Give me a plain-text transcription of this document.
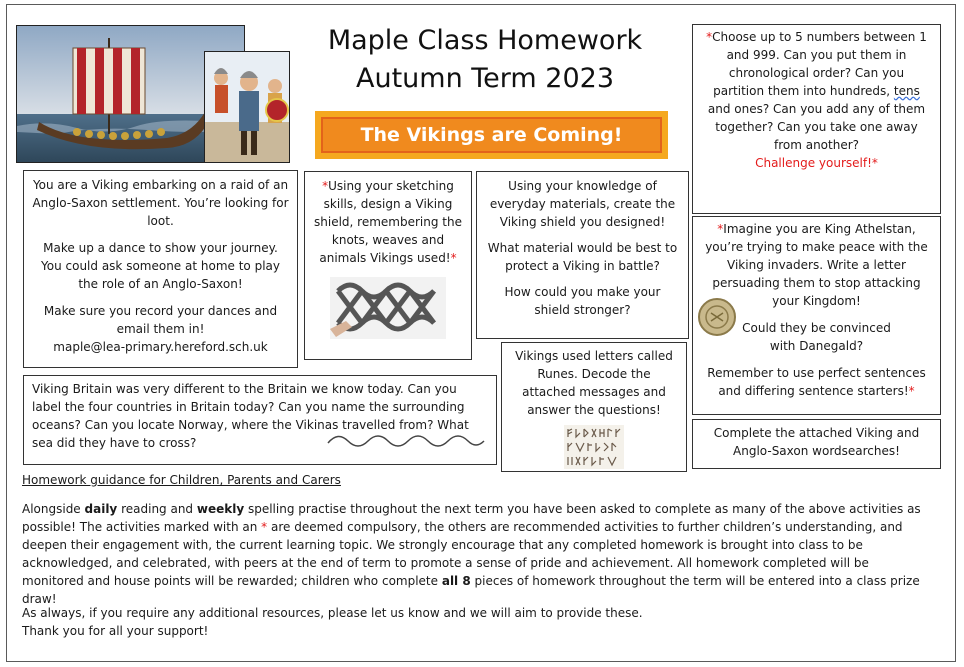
Maple Class Homework
Autumn Term 2023
The Vikings are Coming!

*Choose up to 5 numbers between 1 and 999. Can you put them in chronological order? Can you partition them into hundreds, tens and ones? Can you add any of them together? Can you take one away from another?

Challenge yourself!*

You are a Viking embarking on a raid of an Anglo-Saxon settlement. You’re looking for loot.

Make up a dance to show your journey. You could ask someone at home to play the role of an Anglo-Saxon!

Make sure you record your dances and email them in!

maple@lea-primary.hereford.sch.uk

*Using your sketching skills, design a Viking shield, remembering the knots, weaves and animals Vikings used!*

Using your knowledge of everyday materials, create the Viking shield you designed!

What material would be best to protect a Viking in battle?

How could you make your shield stronger?

*Imagine you are King Athelstan, you’re trying to make peace with the Viking invaders. Write a letter persuading them to stop attacking your Kingdom!

Could they be convinced

with Danegald?

Remember to use perfect sentences and differing sentence starters!*

Vikings used letters called Runes. Decode the attached messages and answer the questions!

Viking Britain was very different to the Britain we know today. Can you label the four countries in Britain today? Can you name the surrounding oceans? Can you locate Norway, where the Vikinas travelled from? What sea did they have to cross?

Complete the attached Viking and Anglo-Saxon wordsearches!

Homework guidance for Children, Parents and Carers
Alongside daily reading and weekly spelling practise throughout the next term you have been asked to complete as many of the above activities as possible! The activities marked with an * are deemed compulsory, the others are recommended activities to further children’s understanding, and deepen their engagement with, the current learning topic. We strongly encourage that any completed homework is brought into class to be acknowledged, and celebrated, with peers at the end of term to promote a sense of pride and achievement. All homework completed will be monitored and house points will be rewarded; children who complete all 8 pieces of homework throughout the term will be entered into a class prize draw!
As always, if you require any additional resources, please let us know and we will aim to provide these.
Thank you for all your support!
